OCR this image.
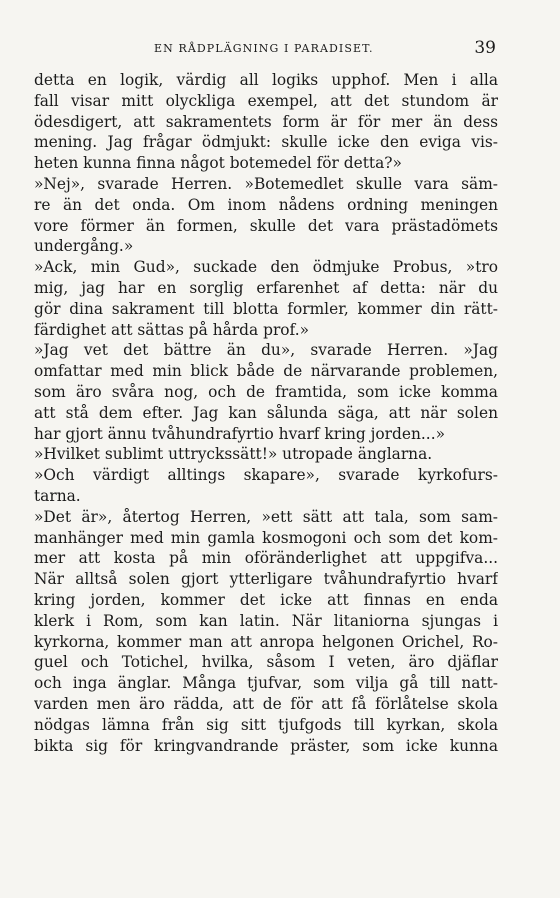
EN RÅDPLÄGNING I PARADISET.	39
detta en logik, värdig all logiks upphof. Men i alla
fall visar mitt olyckliga exempel, att det stundom är
ödesdigert, att sakramentets form är för mer än dess
mening. Jag frågar ödmjukt: skulle icke den eviga vis-
heten kunna finna något botemedel för detta?»
»Nej», svarade Herren. »Botemedlet skulle vara säm-
re än det onda. Om inom nådens ordning meningen
vore förmer än formen, skulle det vara prästadömets
undergång.»
»Ack, min Gud», suckade den ödmjuke Probus, »tro
mig, jag har en sorglig erfarenhet af detta: när du
gör dina sakrament till blotta formler, kommer din rätt-
färdighet att sättas på hårda prof.»
»Jag vet det bättre än du», svarade Herren. »Jag
omfattar med min blick både de närvarande problemen,
som äro svåra nog, och de framtida, som icke komma
att stå dem efter. Jag kan sålunda säga, att när solen
har gjort ännu tvåhundrafyrtio hvarf kring jorden...»
»Hvilket sublimt uttryckssätt!» utropade änglarna.
»Och värdigt alltings skapare», svarade kyrkofurs-
tarna.
»Det är», återtog Herren, »ett sätt att tala, som sam-
manhänger med min gamla kosmogoni och som det kom-
mer att kosta på min oföränderlighet att uppgifva...
När alltså solen gjort ytterligare tvåhundrafyrtio hvarf
kring jorden, kommer det icke att finnas en enda
klerk i Rom, som kan latin. När litaniorna sjungas i
kyrkorna, kommer man att anropa helgonen Orichel, Ro-
guel och Totichel, hvilka, såsom I veten, äro djäflar
och inga änglar. Många tjufvar, som vilja gå till natt-
varden men äro rädda, att de för att få förlåtelse skola
nödgas lämna från sig sitt tjufgods till kyrkan, skola
bikta sig för kringvandrande präster, som icke kunna
